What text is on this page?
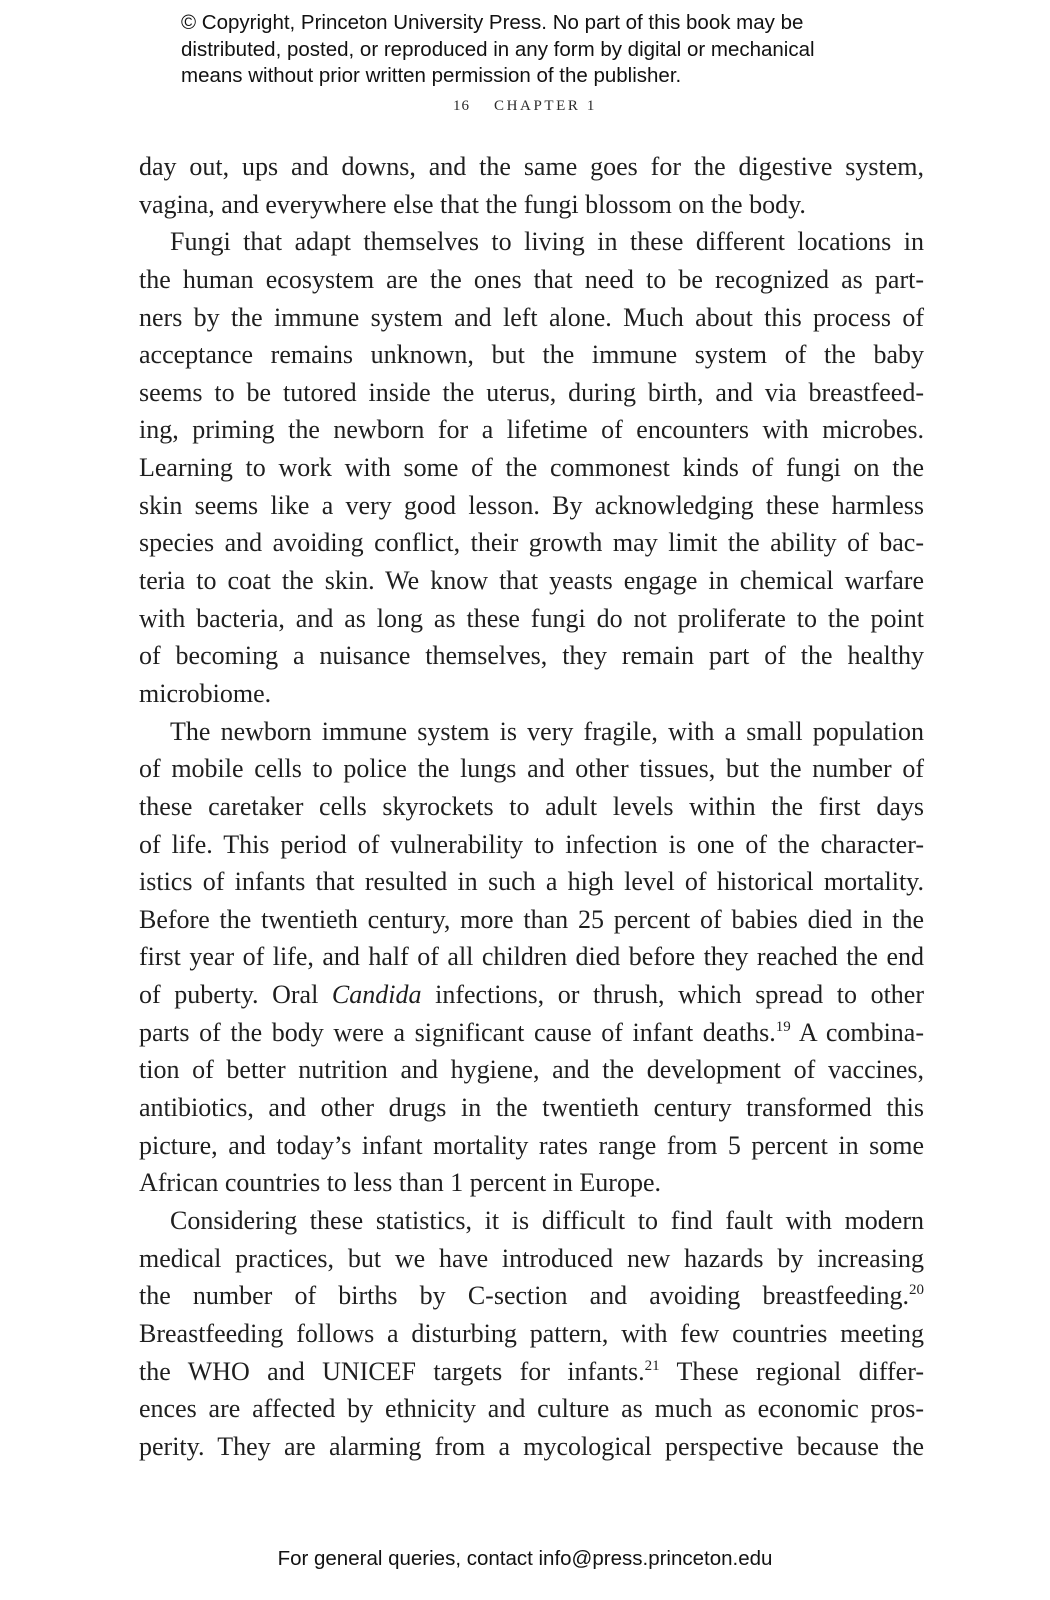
© Copyright, Princeton University Press. No part of this book may be
distributed, posted, or reproduced in any form by digital or mechanical
means without prior written permission of the publisher.
16 CHAPTER 1
day out, ups and downs, and the same goes for the digestive system,
vagina, and everywhere else that the fungi blossom on the body.
Fungi that adapt themselves to living in these different locations in
the human ecosystem are the ones that need to be recognized as part-
ners by the immune system and left alone. Much about this process of
acceptance remains unknown, but the immune system of the baby
seems to be tutored inside the uterus, during birth, and via breastfeed-
ing, priming the newborn for a lifetime of encounters with microbes.
Learning to work with some of the commonest kinds of fungi on the
skin seems like a very good lesson. By acknowledging these harmless
species and avoiding conflict, their growth may limit the ability of bac-
teria to coat the skin. We know that yeasts engage in chemical warfare
with bacteria, and as long as these fungi do not proliferate to the point
of becoming a nuisance themselves, they remain part of the healthy
microbiome.
The newborn immune system is very fragile, with a small population
of mobile cells to police the lungs and other tissues, but the number of
these caretaker cells skyrockets to adult levels within the first days
of life. This period of vulnerability to infection is one of the character-
istics of infants that resulted in such a high level of historical mortality.
Before the twentieth century, more than 25 percent of babies died in the
first year of life, and half of all children died before they reached the end
of puberty. Oral Candida infections, or thrush, which spread to other
parts of the body were a significant cause of infant deaths.$^{19}$ A combina-
tion of better nutrition and hygiene, and the development of vaccines,
antibiotics, and other drugs in the twentieth century transformed this
picture, and today’s infant mortality rates range from 5 percent in some
African countries to less than 1 percent in Europe.
Considering these statistics, it is difficult to find fault with modern
medical practices, but we have introduced new hazards by increasing
the number of births by C-section and avoiding breastfeeding.$^{20}$
Breastfeeding follows a disturbing pattern, with few countries meeting
the WHO and UNICEF targets for infants.$^{21}$ These regional differ-
ences are affected by ethnicity and culture as much as economic pros-
perity. They are alarming from a mycological perspective because the
For general queries, contact info@press.princeton.edu
